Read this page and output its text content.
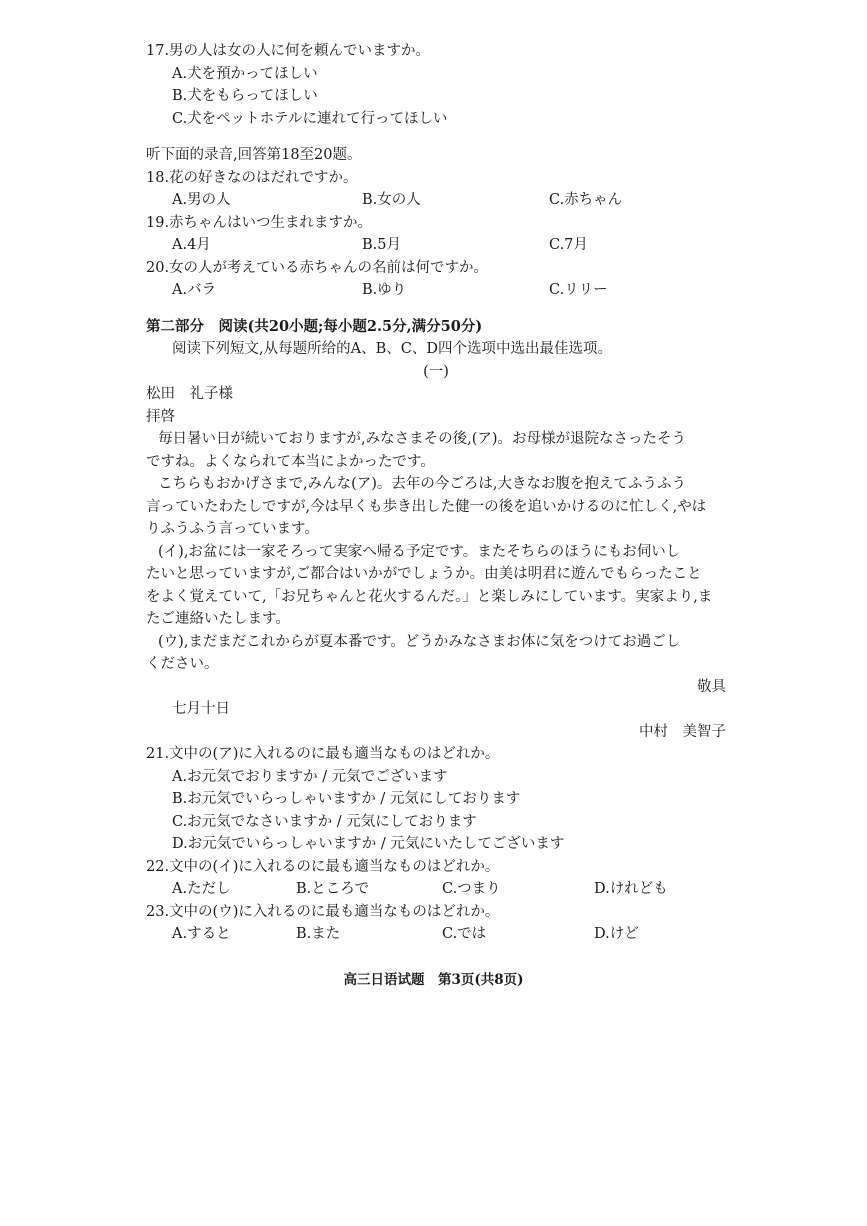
17.男の人は女の人に何を頼んでいますか。
A.犬を預かってほしい
B.犬をもらってほしい
C.犬をペットホテルに連れて行ってほしい
听下面的录音,回答第18至20题。
18.花の好きなのはだれですか。
A.男の人	B.女の人	C.赤ちゃん
19.赤ちゃんはいつ生まれますか。
A.4月	B.5月	C.7月
20.女の人が考えている赤ちゃんの名前は何ですか。
A.バラ	B.ゆり	C.リリー
第二部分　阅读(共20小题;每小题2.5分,满分50分)
阅读下列短文,从每题所给的A、B、C、D四个选项中选出最佳选项。
(一)
松田　礼子様
拝啓
毎日暑い日が続いておりますが,みなさまその後,(ア)。お母様が退院なさったそう
ですね。よくなられて本当によかったです。
こちらもおかげさまで,みんな(ア)。去年の今ごろは,大きなお腹を抱えてふうふう
言っていたわたしですが,今は早くも歩き出した健一の後を追いかけるのに忙しく,やは
りふうふう言っています。
(イ),お盆には一家そろって実家へ帰る予定です。またそちらのほうにもお伺いし
たいと思っていますが,ご都合はいかがでしょうか。由美は明君に遊んでもらったこと
をよく覚えていて,「お兄ちゃんと花火するんだ。」と楽しみにしています。実家より,ま
たご連絡いたします。
(ウ),まだまだこれからが夏本番です。どうかみなさまお体に気をつけてお過ごし
ください。
敬具
七月十日
中村　美智子
21.文中の(ア)に入れるのに最も適当なものはどれか。
A.お元気でおりますか / 元気でございます
B.お元気でいらっしゃいますか / 元気にしております
C.お元気でなさいますか / 元気にしております
D.お元気でいらっしゃいますか / 元気にいたしてございます
22.文中の(イ)に入れるのに最も適当なものはどれか。
A.ただし	B.ところで	C.つまり	D.けれども
23.文中の(ウ)に入れるのに最も適当なものはどれか。
A.すると	B.また	C.では	D.けど
高三日语试题　第3页(共8页)
